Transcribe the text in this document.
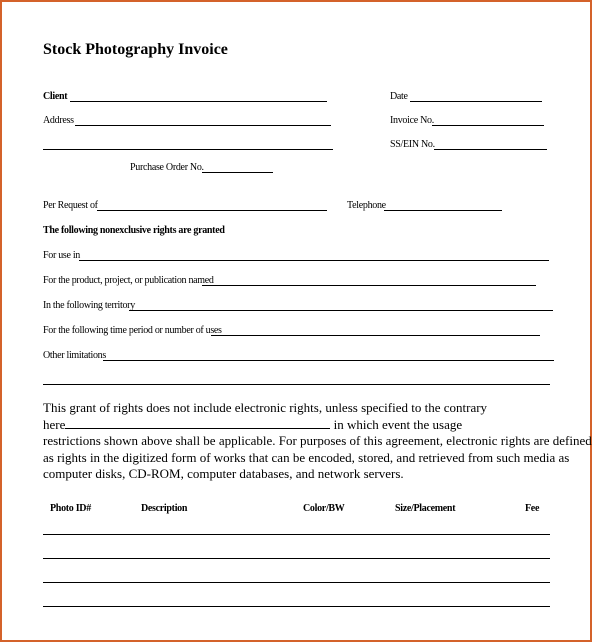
Stock Photography Invoice
Client	Date
Address	Invoice No.
SS/EIN No.
Purchase Order No.
Per Request of	Telephone
The following nonexclusive rights are granted
For use in
For the product, project, or publication named
In the following territory
For the following time period or number of uses
Other limitations
This grant of rights does not include electronic rights, unless specified to the contrary
here	in which event the usage
restrictions shown above shall be applicable. For purposes of this agreement, electronic rights are defined
as rights in the digitized form of works that can be encoded, stored, and retrieved from such media as
computer disks, CD-ROM, computer databases, and network servers.
Photo ID#	Description	Color/BW	Size/Placement	Fee
